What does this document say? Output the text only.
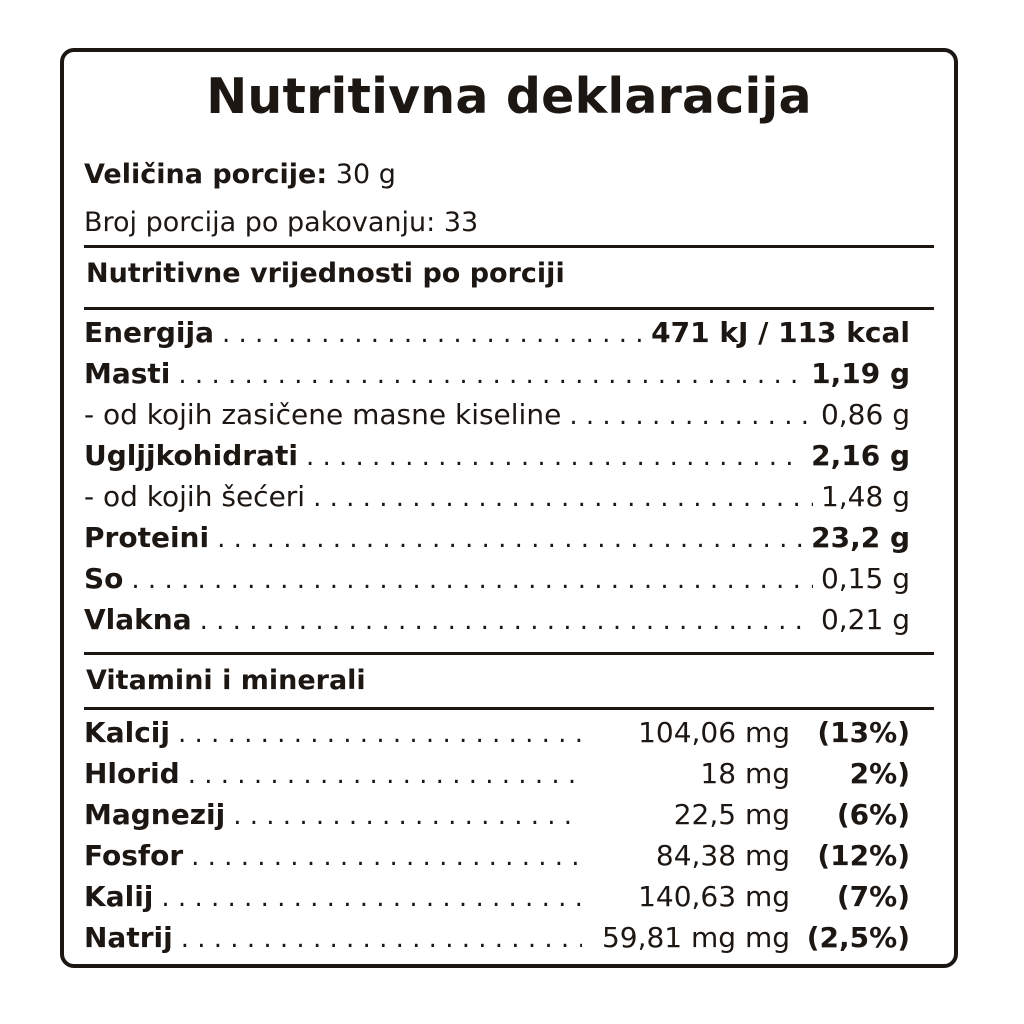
Nutritivna deklaracija
Veličina porcije: 30 g
Broj porcija po pakovanju: 33
Nutritivne vrijednosti po porciji
Energija . . .	471 kJ / 113 kcal
Masti . . .	1,19 g
- od kojih zasičene masne kiseline . . .	0,86 g
Ugljjkohidrati . . .	2,16 g
- od kojih šećeri . . .	1,48 g
Proteini . . .	23,2 g
So . . .	0,15 g
Vlakna . . .	0,21 g
Vitamini i minerali
Kalcij . . .	104,06 mg (13%)
Hlorid . . .	18 mg	2%)
Magnezij . . .	22,5 mg	(6%)
Fosfor . . .	84,38 mg (12%)
Kalij . . .	140,63 mg	(7%)
Natrij . . .	59,81 mg mg (2,5%)
